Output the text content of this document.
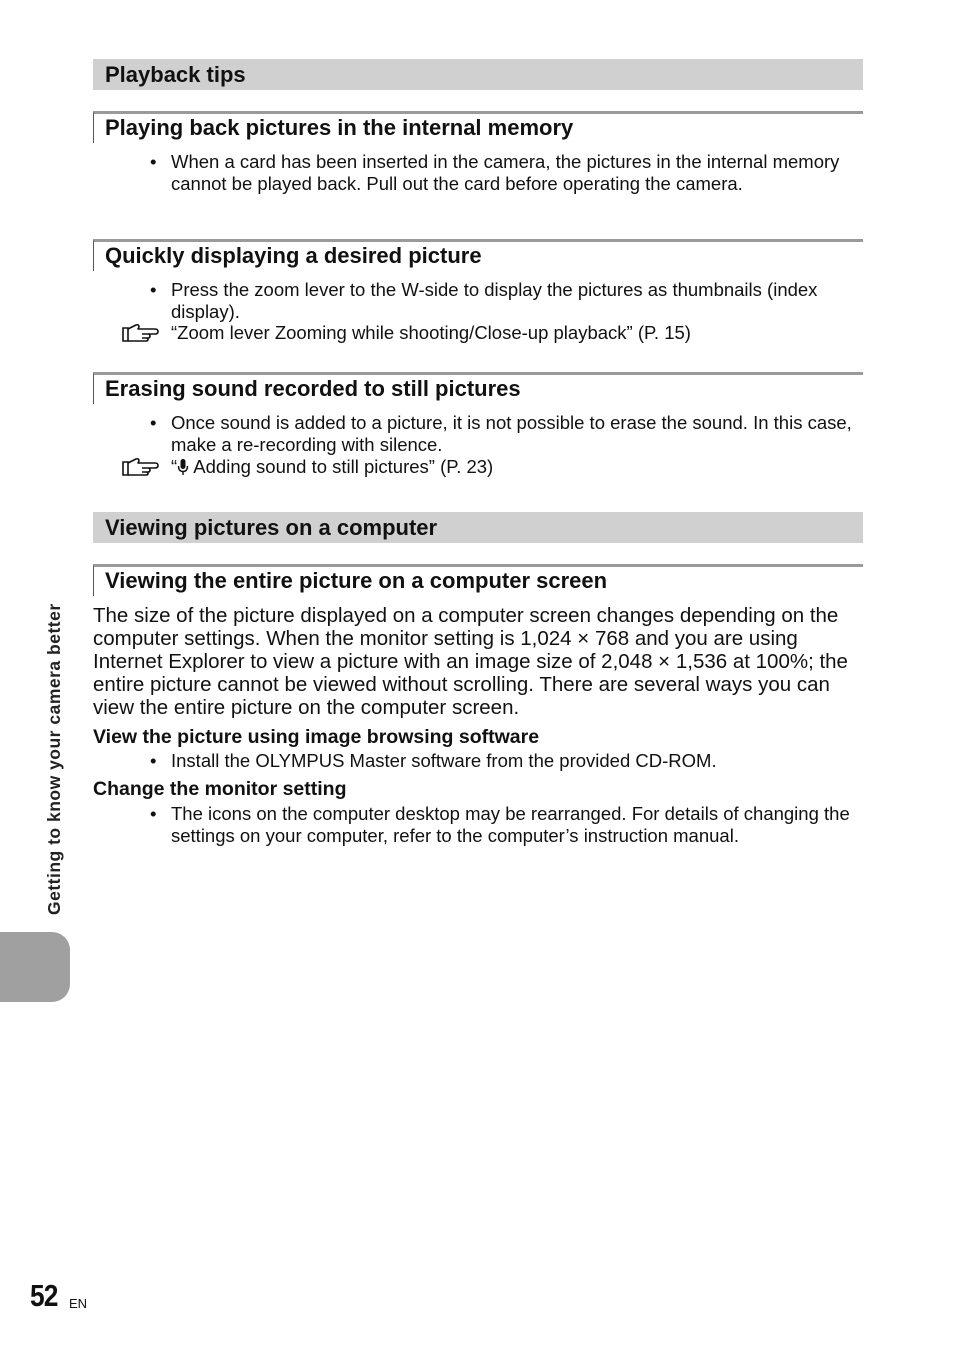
Playback tips
Playing back pictures in the internal memory
• When a card has been inserted in the camera, the pictures in the internal memory cannot be played back. Pull out the card before operating the camera.
Quickly displaying a desired picture
• Press the zoom lever to the W-side to display the pictures as thumbnails (index display).
“Zoom lever Zooming while shooting/Close-up playback” (P. 15)
Erasing sound recorded to still pictures
• Once sound is added to a picture, it is not possible to erase the sound. In this case, make a re-recording with silence.
“ Adding sound to still pictures” (P. 23)
Viewing pictures on a computer
Viewing the entire picture on a computer screen
The size of the picture displayed on a computer screen changes depending on the computer settings. When the monitor setting is 1,024 × 768 and you are using Internet Explorer to view a picture with an image size of 2,048 × 1,536 at 100%; the entire picture cannot be viewed without scrolling. There are several ways you can view the entire picture on the computer screen.
View the picture using image browsing software
• Install the OLYMPUS Master software from the provided CD-ROM.
Change the monitor setting
• The icons on the computer desktop may be rearranged. For details of changing the settings on your computer, refer to the computer’s instruction manual.
Getting to know your camera better
52 EN
